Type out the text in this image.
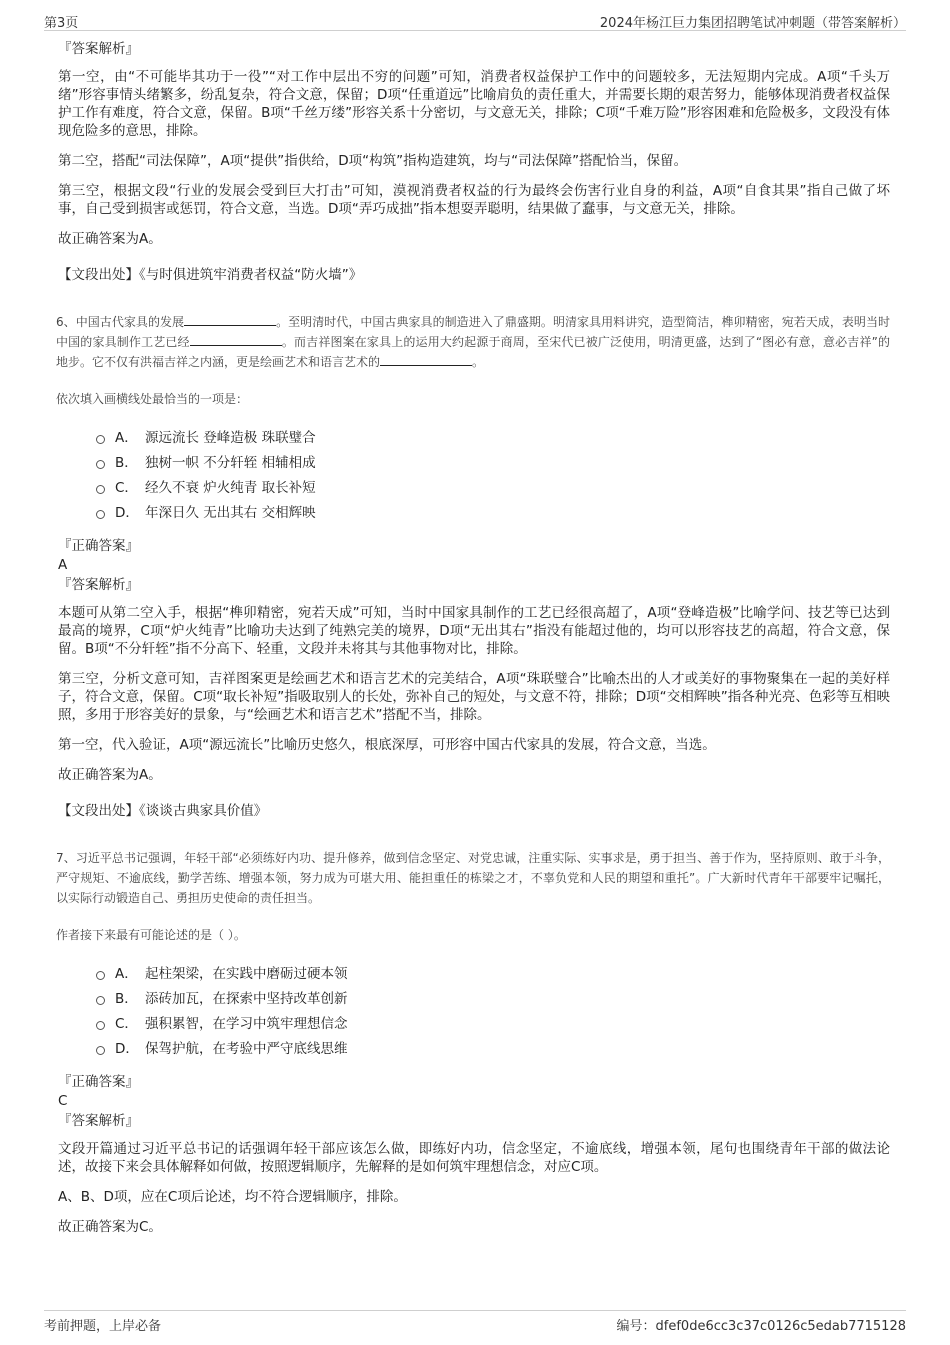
第3页	2024年杨江巨力集团招聘笔试冲刺题（带答案解析）
『答案解析』

第一空，由“不可能毕其功于一役”“对工作中层出不穷的问题”可知，消费者权益保护工作中的问题较多，无法短期内完成。A项“千头万绪”形容事情头绪繁多，纷乱复杂，符合文意，保留；D项“任重道远”比喻肩负的责任重大，并需要长期的艰苦努力，能够体现消费者权益保护工作有难度，符合文意，保留。B项“千丝万缕”形容关系十分密切，与文意无关，排除；C项“千难万险”形容困难和危险极多，文段没有体现危险多的意思，排除。

第二空，搭配“司法保障”，A项“提供”指供给，D项“构筑”指构造建筑，均与“司法保障”搭配恰当，保留。

第三空，根据文段“行业的发展会受到巨大打击”可知，漠视消费者权益的行为最终会伤害行业自身的利益，A项“自食其果”指自己做了坏事，自己受到损害或惩罚，符合文意，当选。D项“弄巧成拙”指本想耍弄聪明，结果做了蠢事，与文意无关，排除。

故正确答案为A。

【文段出处】《与时俱进筑牢消费者权益“防火墙”》

6、中国古代家具的发展	。至明清时代，中国古典家具的制造进入了鼎盛期。明清家具用料讲究，造型简洁，榫卯精密，宛若天成，表明当时中国的家具制作工艺已经	。而吉祥图案在家具上的运用大约起源于商周，至宋代已被广泛使用，明清更盛，达到了“图必有意，意必吉祥”的地步。它不仅有洪福吉祥之内涵，更是绘画艺术和语言艺术的	。

依次填入画横线处最恰当的一项是：

A． 源远流长 登峰造极 珠联璧合
B． 独树一帜 不分轩轾 相辅相成
C． 经久不衰 炉火纯青 取长补短
D． 年深日久 无出其右 交相辉映
『正确答案』
A
『答案解析』

本题可从第二空入手，根据“榫卯精密，宛若天成”可知，当时中国家具制作的工艺已经很高超了，A项“登峰造极”比喻学问、技艺等已达到最高的境界，C项“炉火纯青”比喻功夫达到了纯熟完美的境界，D项“无出其右”指没有能超过他的，均可以形容技艺的高超，符合文意，保留。B项“不分轩轾”指不分高下、轻重，文段并未将其与其他事物对比，排除。

第三空，分析文意可知，吉祥图案更是绘画艺术和语言艺术的完美结合，A项“珠联璧合”比喻杰出的人才或美好的事物聚集在一起的美好样子，符合文意，保留。C项“取长补短”指吸取别人的长处，弥补自己的短处，与文意不符，排除；D项“交相辉映”指各种光亮、色彩等互相映照，多用于形容美好的景象，与“绘画艺术和语言艺术”搭配不当，排除。

第一空，代入验证，A项“源远流长”比喻历史悠久，根底深厚，可形容中国古代家具的发展，符合文意，当选。

故正确答案为A。

【文段出处】《谈谈古典家具价值》

7、习近平总书记强调，年轻干部“必须练好内功、提升修养，做到信念坚定、对党忠诚，注重实际、实事求是，勇于担当、善于作为，坚持原则、敢于斗争，严守规矩、不逾底线，勤学苦练、增强本领，努力成为可堪大用、能担重任的栋梁之才，不辜负党和人民的期望和重托”。广大新时代青年干部要牢记嘱托，以实际行动锻造自己、勇担历史使命的责任担当。

作者接下来最有可能论述的是（ ）。

A． 起柱架梁，在实践中磨砺过硬本领
B． 添砖加瓦，在探索中坚持改革创新
C． 强积累智，在学习中筑牢理想信念
D． 保驾护航，在考验中严守底线思维
『正确答案』
C
『答案解析』

文段开篇通过习近平总书记的话强调年轻干部应该怎么做，即练好内功，信念坚定，不逾底线，增强本领，尾句也围绕青年干部的做法论述，故接下来会具体解释如何做，按照逻辑顺序，先解释的是如何筑牢理想信念，对应C项。

A、B、D项，应在C项后论述，均不符合逻辑顺序，排除。

故正确答案为C。

考前押题，上岸必备	编号：dfef0de6cc3c37c0126c5edab7715128
